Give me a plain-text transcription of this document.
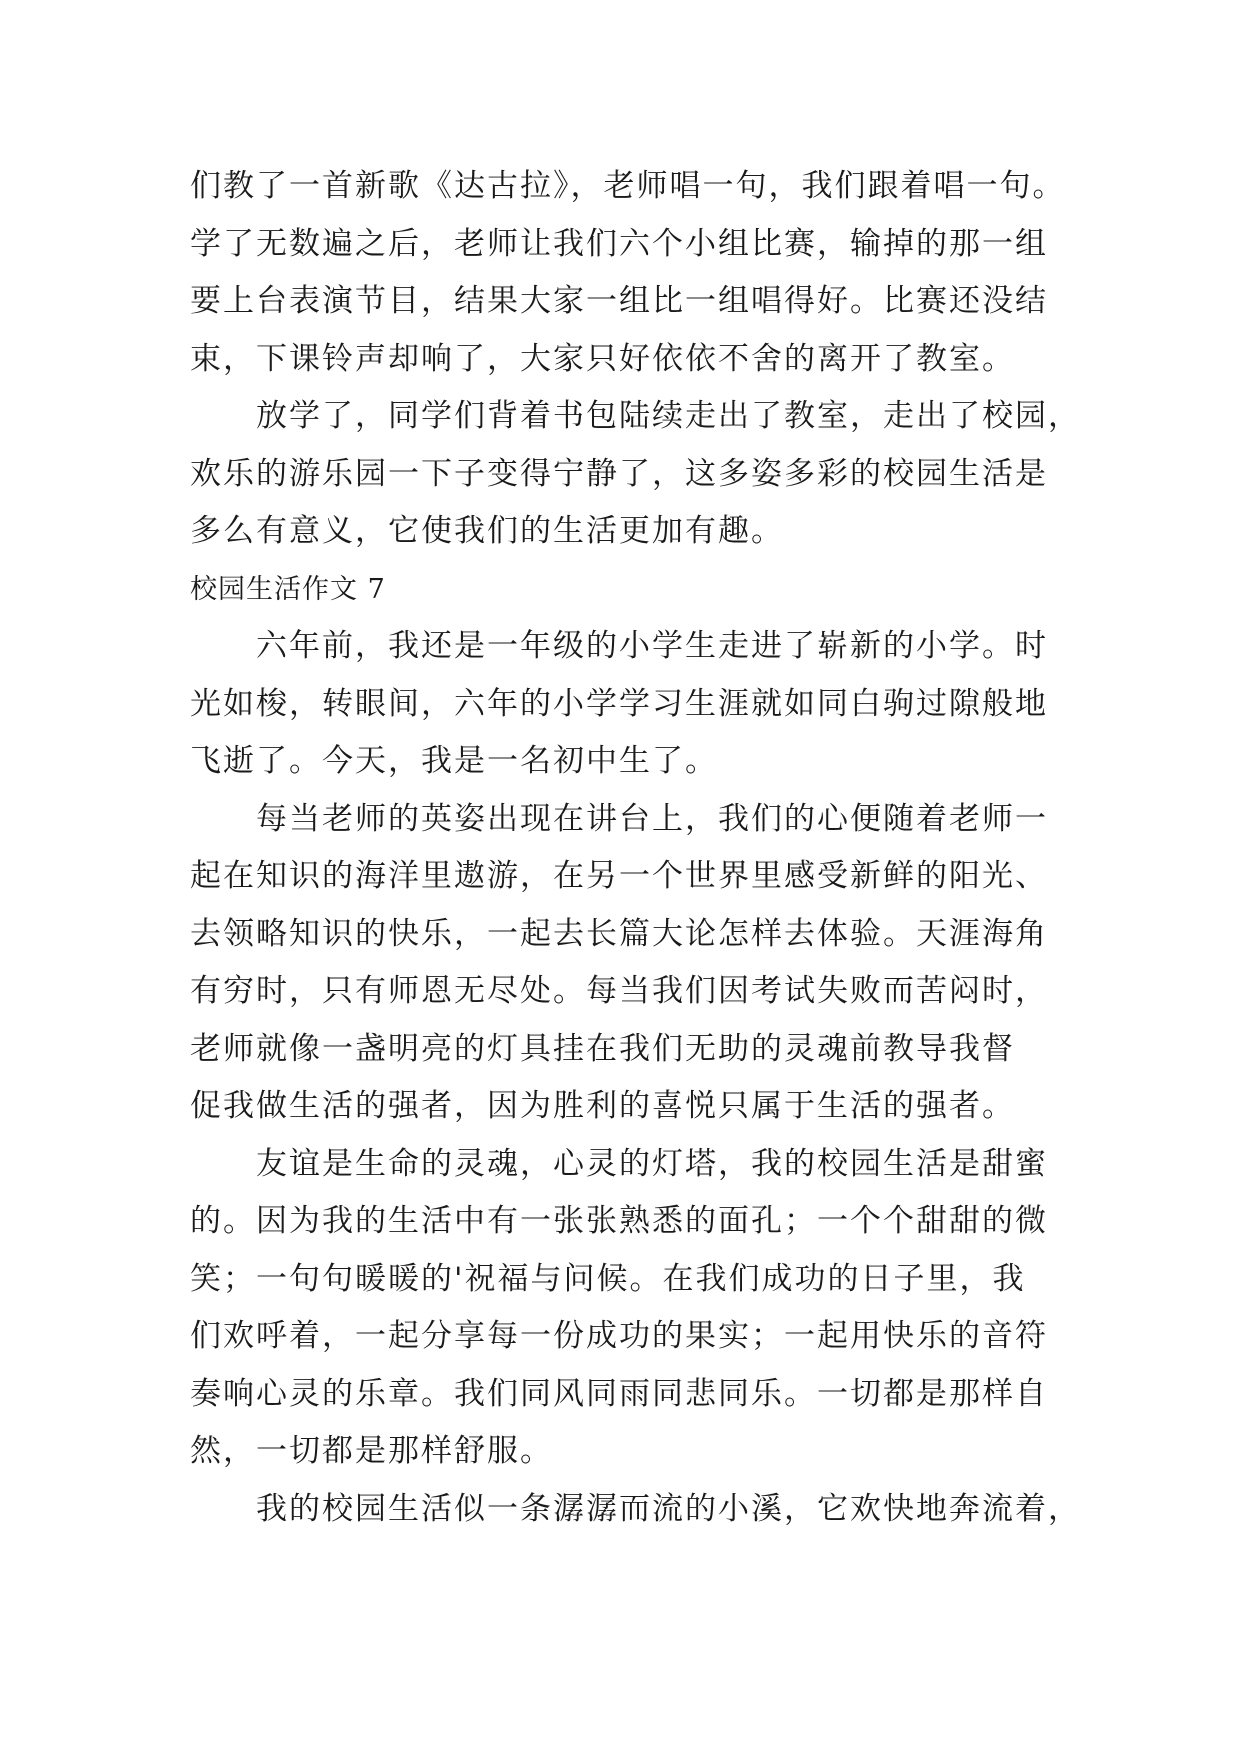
们教了一首新歌《达古拉》，老师唱一句，我们跟着唱一句。
学了无数遍之后，老师让我们六个小组比赛，输掉的那一组
要上台表演节目，结果大家一组比一组唱得好。比赛还没结
束，下课铃声却响了，大家只好依依不舍的离开了教室。
放学了，同学们背着书包陆续走出了教室，走出了校园，
欢乐的游乐园一下子变得宁静了，这多姿多彩的校园生活是
多么有意义，它使我们的生活更加有趣。
校园生活作文 7
六年前，我还是一年级的小学生走进了崭新的小学。时
光如梭，转眼间，六年的小学学习生涯就如同白驹过隙般地
飞逝了。今天，我是一名初中生了。
每当老师的英姿出现在讲台上，我们的心便随着老师一
起在知识的海洋里遨游，在另一个世界里感受新鲜的阳光、
去领略知识的快乐，一起去长篇大论怎样去体验。天涯海角
有穷时，只有师恩无尽处。每当我们因考试失败而苦闷时，
老师就像一盏明亮的灯具挂在我们无助的灵魂前教导我督
促我做生活的强者，因为胜利的喜悦只属于生活的强者。
友谊是生命的灵魂，心灵的灯塔，我的校园生活是甜蜜
的。因为我的生活中有一张张熟悉的面孔；一个个甜甜的微
笑；一句句暖暖的'祝福与问候。在我们成功的日子里，我
们欢呼着，一起分享每一份成功的果实；一起用快乐的音符
奏响心灵的乐章。我们同风同雨同悲同乐。一切都是那样自
然，一切都是那样舒服。
我的校园生活似一条潺潺而流的小溪，它欢快地奔流着，
